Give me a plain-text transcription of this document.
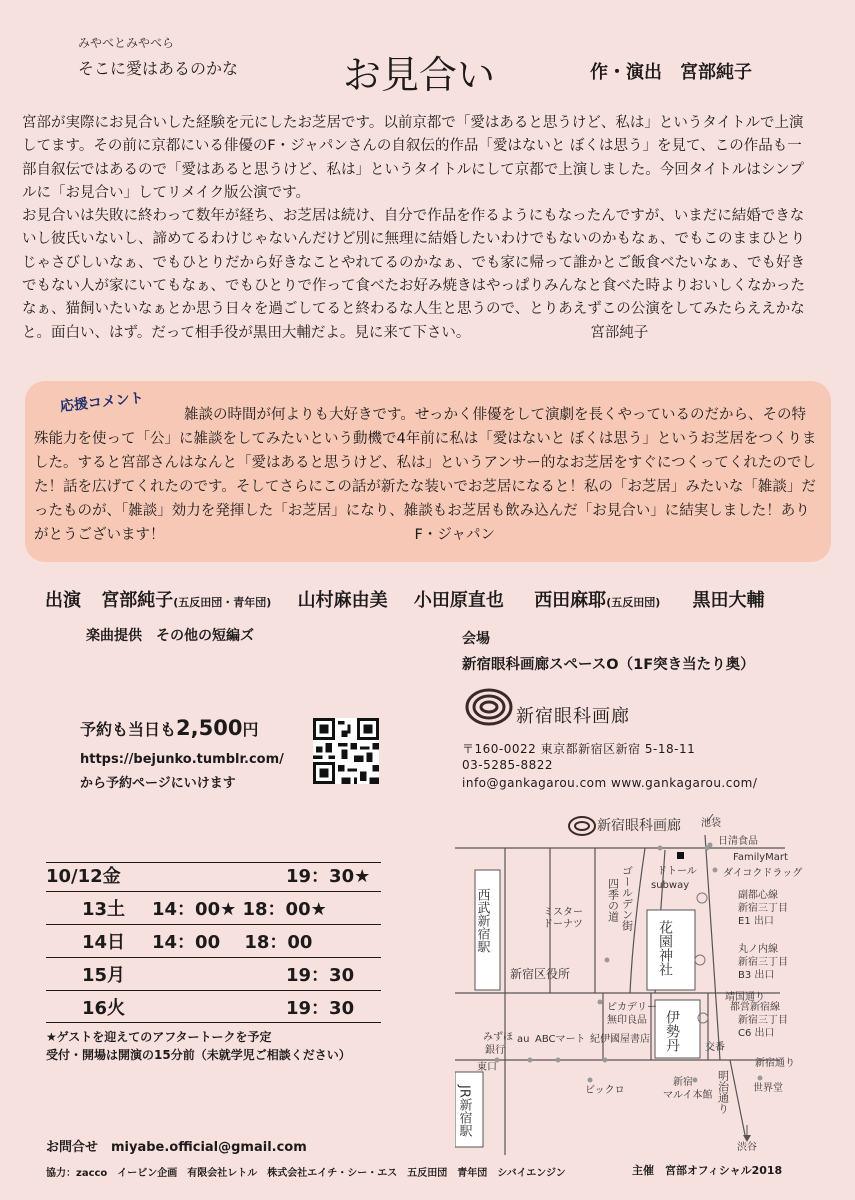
みやべとみやべら
そこに愛はあるのかな	お見合い	作・演出　宮部純子

宮部が実際にお見合いした経験を元にしたお芝居です。以前京都で「愛はあると思うけど、私は」というタイトルで上演してます。その前に京都にいる俳優のF・ジャパンさんの自叙伝的作品「愛はないと ぼくは思う」を見て、この作品も一部自叙伝ではあるので「愛はあると思うけど、私は」というタイトルにして京都で上演しました。今回タイトルはシンプルに「お見合い」してリメイク版公演です。

お見合いは失敗に終わって数年が経ち、お芝居は続け、自分で作品を作るようにもなったんですが、いまだに結婚できないし彼氏いないし、諦めてるわけじゃないんだけど別に無理に結婚したいわけでもないのかもなぁ、でもこのままひとりじゃさびしいなぁ、でもひとりだから好きなことやれてるのかなぁ、でも家に帰って誰かとご飯食べたいなぁ、でも好きでもない人が家にいてもなぁ、でもひとりで作って食べたお好み焼きはやっぱりみんなと食べた時よりおいしくなかったなぁ、猫飼いたいなぁとか思う日々を過ごしてると終わるな人生と思うので、とりあえずこの公演をしてみたらええかなと。面白い、はず。だって相手役が黒田大輔だよ。見に来て下さい。	宮部純子

応援コメント
雑談の時間が何よりも大好きです。せっかく俳優をして演劇を長くやっているのだから、その特殊能力を使って「公」に雑談をしてみたいという動機で4年前に私は「愛はないと ぼくは思う」というお芝居をつくりました。すると宮部さんはなんと「愛はあると思うけど、私は」というアンサー的なお芝居をすぐにつくってくれたのでした！話を広げてくれたのです。そしてさらにこの話が新たな装いでお芝居になると！私の「お芝居」みたいな「雑談」だったものが、「雑談」効力を発揮した「お芝居」になり、雑談もお芝居も飲み込んだ「お見合い」に結実しました！ありがとうございます！	F・ジャパン
出演 宮部純子(五反田団・青年団) 山村麻由美 小田原直也 西田麻耶(五反田団) 黒田大輔
楽曲提供　その他の短編ズ	会場
新宿眼科画廊スペースO（1F突き当たり奥）
新宿眼科画廊
〒160-0022 東京都新宿区新宿 5-18-11
03-5285-8822
info@gankagarou.com www.gankagarou.com/
予約も当日も2,500円
https://bejunko.tumblr.com/
から予約ページにいけます
10/12金	19：30★
13土 14：00★ 18：00★
14日 14：00　 18：00
15月	19：30
16火	19：30
★ゲストを迎えてのアフタートークを予定
受付・開場は開演の15分前（未就学児ご相談ください）
お問合せ　miyabe.official@gmail.com
協力：zacco　イービン企画　有限会社レトル　株式会社エイチ・シー・エス　五反田団　青年団　シバイエンジン	主催　宮部オフィシャル2018
新宿眼科画廊 池袋
日清食品
FamilyMart
ドトール
subway
ダイコクドラッグ
副都心線
新宿三丁目
E1 出口
丸ノ内線
新宿三丁目
B3 出口
都営新宿線
新宿三丁目
C6 出口
ミスター
ドーナツ
新宿区役所
靖国通り
ピカデリー
無印良品
みずほ
銀行
au ABCマート 紀伊國屋書店
交番
新宿通り
東口
ビックロ
新宿
マルイ本館
世界堂
渋谷
西武新宿駅	花園神社
伊勢丹
JR新宿駅
ゴールデン街
四季の道
明治通り
